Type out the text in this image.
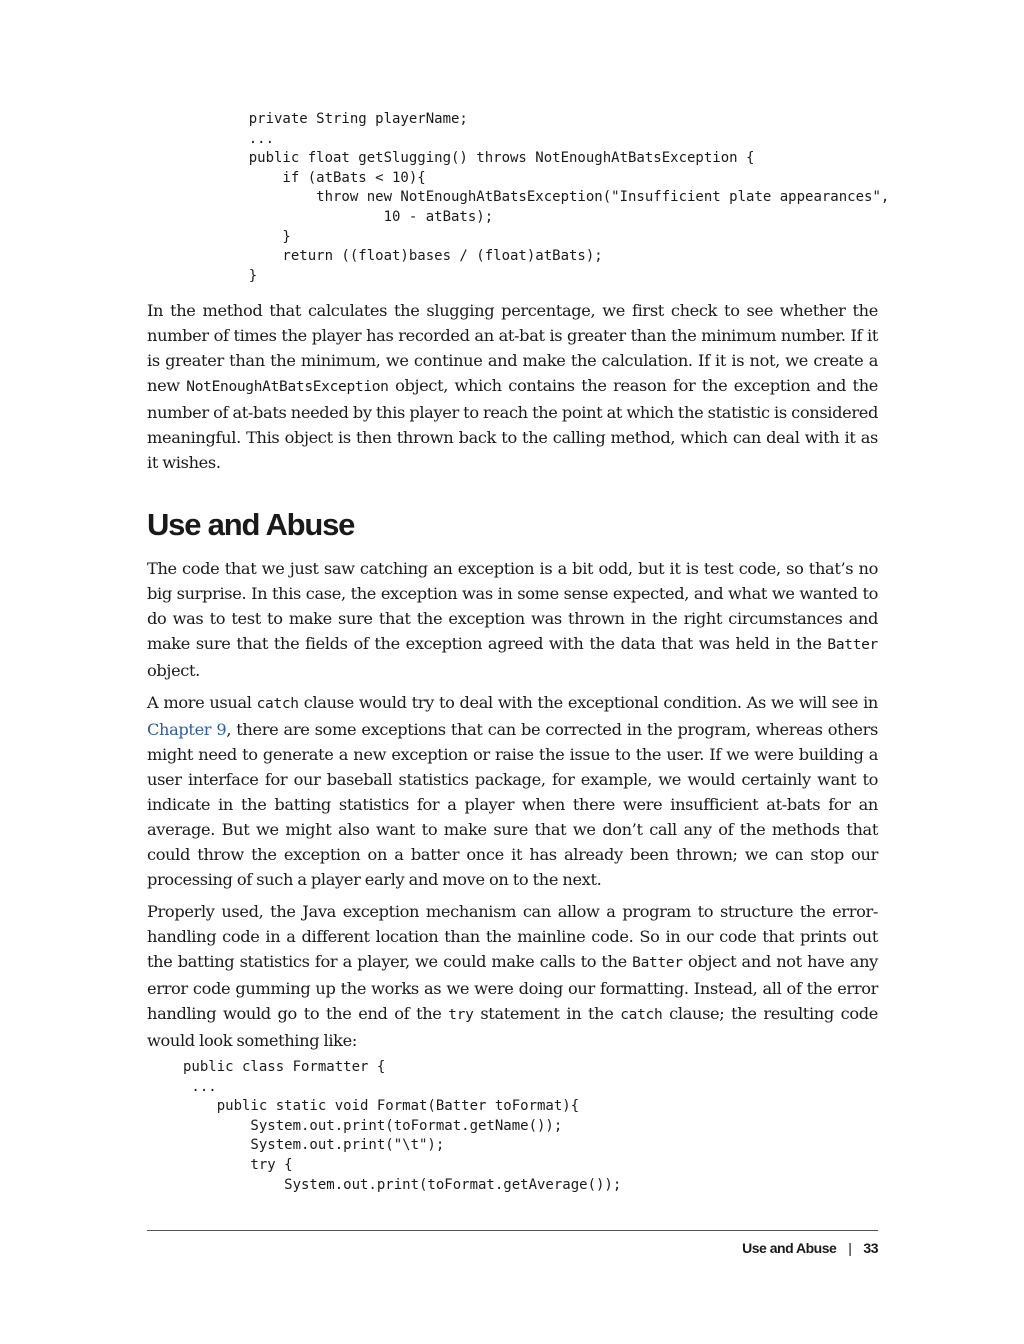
private String playerName;
...
public float getSlugging() throws NotEnoughAtBatsException {
if (atBats < 10){
throw new NotEnoughAtBatsException("Insufficient plate appearances",
10 - atBats);
}
return ((float)bases / (float)atBats);
}

In the method that calculates the slugging percentage, we first check to see whether the number of times the player has recorded an at-bat is greater than the minimum number. If it is greater than the minimum, we continue and make the calculation. If it is not, we create a new NotEnoughAtBatsException object, which contains the reason for the exception and the number of at-bats needed by this player to reach the point at which the statistic is considered meaningful. This object is then thrown back to the calling method, which can deal with it as it wishes.

Use and Abuse

The code that we just saw catching an exception is a bit odd, but it is test code, so that’s no big surprise. In this case, the exception was in some sense expected, and what we wanted to do was to test to make sure that the exception was thrown in the right circumstances and make sure that the fields of the exception agreed with the data that was held in the Batter object.

A more usual catch clause would try to deal with the exceptional condition. As we will see in Chapter 9, there are some exceptions that can be corrected in the program, whereas others might need to generate a new exception or raise the issue to the user. If we were building a user interface for our baseball statistics package, for example, we would certainly want to indicate in the batting statistics for a player when there were insufficient at-bats for an average. But we might also want to make sure that we don’t call any of the methods that could throw the exception on a batter once it has already been thrown; we can stop our processing of such a player early and move on to the next.

Properly used, the Java exception mechanism can allow a program to structure the error-handling code in a different location than the mainline code. So in our code that prints out the batting statistics for a player, we could make calls to the Batter object and not have any error code gumming up the works as we were doing our formatting. Instead, all of the error handling would go to the end of the try statement in the catch clause; the resulting code would look something like:

public class Formatter {
...
public static void Format(Batter toFormat){
System.out.print(toFormat.getName());
System.out.print("\t");
try {
System.out.print(toFormat.getAverage());
Use and Abuse | 33
